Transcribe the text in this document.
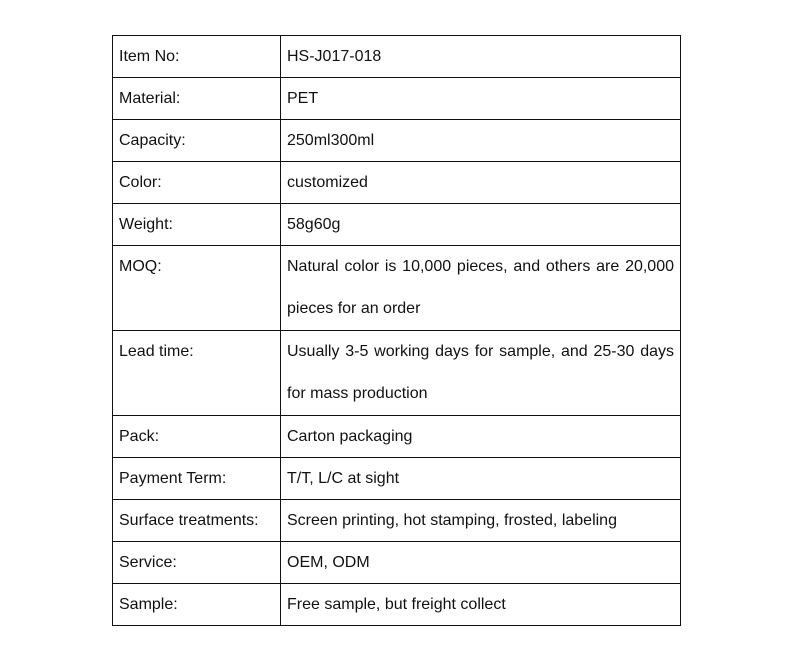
Item No:	HS-J017-018
Material:	PET
Capacity:	250ml300ml
Color:	customized
Weight:	58g60g
MOQ:	Natural color is 10,000 pieces, and others are 20,000 pieces for an order
Lead time:	Usually 3-5 working days for sample, and 25-30 days for mass production
Pack:	Carton packaging
Payment Term:	T/T, L/C at sight
Surface treatments:	Screen printing, hot stamping, frosted, labeling
Service:	OEM, ODM
Sample:	Free sample, but freight collect
